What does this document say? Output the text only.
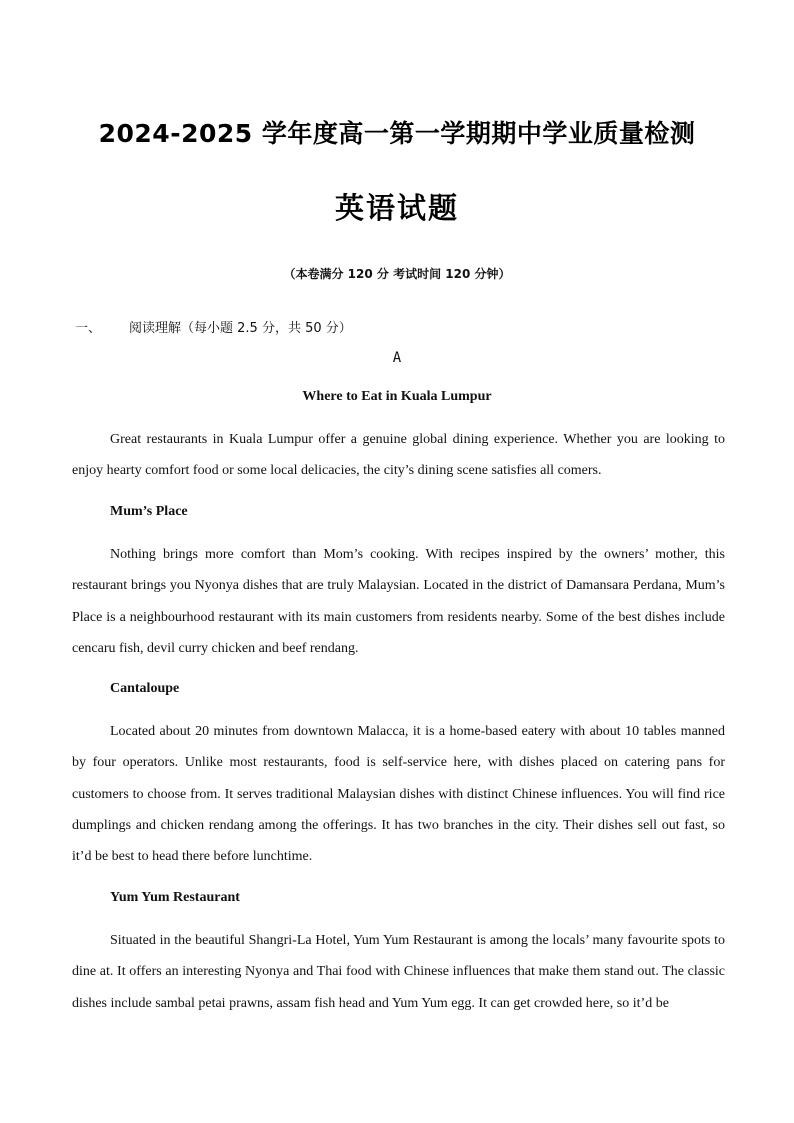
2024-2025 学年度高一第一学期期中学业质量检测
英语试题
（本卷满分 120 分 考试时间 120 分钟）
一、 阅读理解（每小题 2.5 分，共 50 分）
A
Where to Eat in Kuala Lumpur

Great restaurants in Kuala Lumpur offer a genuine global dining experience. Whether you are looking to enjoy hearty comfort food or some local delicacies, the city’s dining scene satisfies all comers.

Mum’s Place

Nothing brings more comfort than Mom’s cooking. With recipes inspired by the owners’ mother, this restaurant brings you Nyonya dishes that are truly Malaysian. Located in the district of Damansara Perdana, Mum’s Place is a neighbourhood restaurant with its main customers from residents nearby. Some of the best dishes include cencaru fish, devil curry chicken and beef rendang.

Cantaloupe

Located about 20 minutes from downtown Malacca, it is a home-based eatery with about 10 tables manned by four operators. Unlike most restaurants, food is self-service here, with dishes placed on catering pans for customers to choose from. It serves traditional Malaysian dishes with distinct Chinese influences. You will find rice dumplings and chicken rendang among the offerings. It has two branches in the city. Their dishes sell out fast, so it’d be best to head there before lunchtime.

Yum Yum Restaurant

Situated in the beautiful Shangri-La Hotel, Yum Yum Restaurant is among the locals’ many favourite spots to dine at. It offers an interesting Nyonya and Thai food with Chinese influences that make them stand out. The classic dishes include sambal petai prawns, assam fish head and Yum Yum egg. It can get crowded here, so it’d be
